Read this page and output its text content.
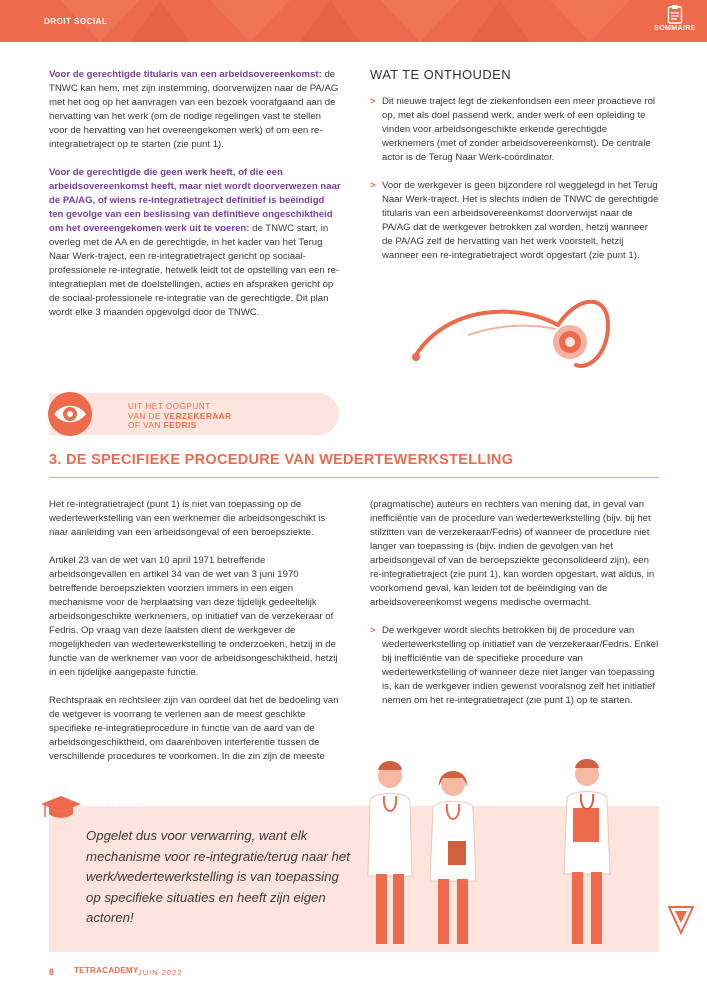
DROIT SOCIAL
SOMMAIRE

Voor de gerechtigde titularis van een arbeidsovereenkomst: de TNWC kan hem, met zijn instemming, doorverwijzen naar de PA/AG met het oog op het aanvragen van een bezoek voorafgaand aan de hervatting van het werk (om de nodige regelingen vast te stellen voor de hervatting van het overeengekomen werk) of om een re-integratietraject op te starten (zie punt 1).

Voor de gerechtigde die geen werk heeft, of die een arbeidsovereenkomst heeft, maar niet wordt doorverwezen naar de PA/AG, of wiens re-integratietraject definitief is beëindigd ten gevolge van een beslissing van definitieve ongeschiktheid om het overeengekomen werk uit te voeren: de TNWC start, in overleg met de AA en de gerechtigde, in het kader van het Terug Naar Werk-traject, een re-integratietraject gericht op sociaal-professionele re-integratie, hetwelk leidt tot de opstelling van een re-integratieplan met de doelstellingen, acties en afspraken gericht op de sociaal-professionele re-integratie van de gerechtigde. Dit plan wordt elke 3 maanden opgevolgd door de TNWC.

WAT TE ONTHOUDEN
> Dit nieuwe traject legt de ziekenfondsen een meer proactieve rol op, met als doel passend werk, ander werk of een opleiding te vinden voor arbeidsongeschikte erkende gerechtigde werknemers (met of zonder arbeidsovereenkomst). De centrale actor is de Terug Naar Werk-coördinator.
> Voor de werkgever is geen bijzondere rol weggelegd in het Terug Naar Werk-traject. Het is slechts indien de TNWC de gerechtigde titularis van een arbeidsovereenkomst doorverwijst naar de PA/AG dat de werkgever betrokken zal worden, hetzij wanneer de PA/AG zelf de hervatting van het werk voorstelt, hetzij wanneer een re-integratietraject wordt opgestart (zie punt 1).
UIT HET OOGPUNT
VAN DE VERZEKERAAR
OF VAN FEDRIS
3. DE SPECIFIEKE PROCEDURE VAN WEDERTEWERKSTELLING

Het re-integratietraject (punt 1) is niet van toepassing op de wedertewerkstelling van een werknemer die arbeidsongeschikt is naar aanleiding van een arbeidsongeval of een beroepsziekte.

Artikel 23 van de wet van 10 april 1971 betreffende arbeidsongevallen en artikel 34 van de wet van 3 juni 1970 betreffende beroepsziekten voorzien immers in een eigen mechanisme voor de herplaatsing van deze tijdelijk gedeeltelijk arbeidsongeschikte werknemers, op initiatief van de verzekeraar of Fedris. Op vraag van deze laatsten dient de werkgever de mogelijkheden van wedertewerkstelling te onderzoeken, hetzij in de functie van de werknemer van voor de arbeidsongeschiktheid, hetzij in een tijdelijke aangepaste functie.

Rechtspraak en rechtsleer zijn van oordeel dat het de bedoeling van de wetgever is voorrang te verlenen aan de meest geschikte specifieke re-integratieprocedure in functie van de aard van de arbeidsongeschiktheid, om daarenboven interferentie tussen de verschillende procedures te voorkomen. In die zin zijn de meeste

(pragmatische) auteurs en rechters van mening dat, in geval van inefficiëntie van de procedure van wedertewerkstelling (bijv. bij het stilzitten van de verzekeraar/Fedris) of wanneer de procedure niet langer van toepassing is (bijv. indien de gevolgen van het arbeidsongeval of van de beroepsziekte geconsolideerd zijn), een re-integratietraject (zie punt 1), kan worden opgestart, wat aldus, in voorkomend geval, kan leiden tot de beëindiging van de arbeidsovereenkomst wegens medische overmacht.

> De werkgever wordt slechts betrokken bij de procedure van wedertewerkstelling op initiatief van de verzekeraar/Fedris. Enkel bij inefficiëntie van de specifieke procedure van wedertewerkstelling of wanneer deze niet langer van toepassing is, kan de werkgever indien gewenst vooralsnog zelf het initiatief nemen om het re-integratietraject (zie punt 1) op te starten.
CONCLUSIE
Opgelet dus voor verwarring, want elk mechanisme voor re-integratie/terug naar het werk/wedertewerkstelling is van toepassing op specifieke situaties en heeft zijn eigen actoren!
8 TETRACADEMY JUIN 2022
